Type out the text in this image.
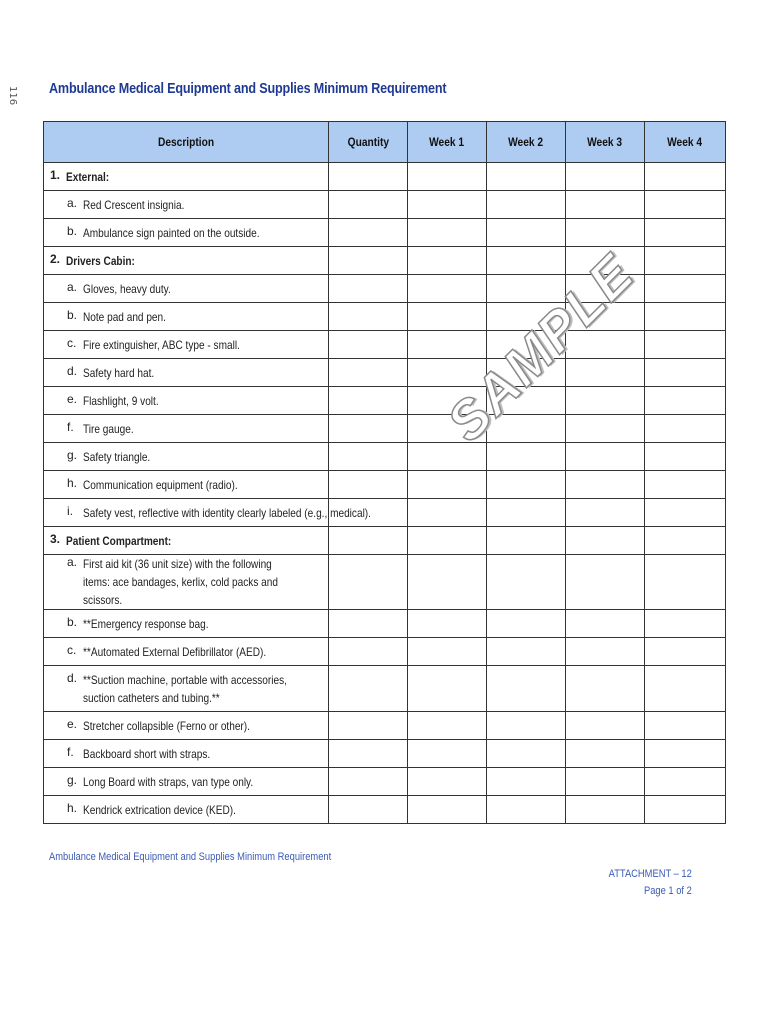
116 Ambulance Medical Equipment and Supplies Minimum Requirement
Description	Quantity	Week 1	Week 2	Week 3	Week 4

1. External:					

a. Red Crescent insignia.					

b. Ambulance sign painted on the outside.					

2. Drivers Cabin:					

a. Gloves, heavy duty.					

b. Note pad and pen.					

c. Fire extinguisher, ABC type - small.					

d. Safety hard hat.					

e. Flashlight, 9 volt.					

f. Tire gauge.					

g. Safety triangle.					

h. Communication equipment (radio).					

i. Safety vest, reflective with identity clearly labeled (e.g., medical).					

3. Patient Compartment:					

a. First aid kit (36 unit size) with the following items: ace bandages, kerlix, cold packs and scissors.					

b. **Emergency response bag.					

c. **Automated External Defibrillator (AED).					

d. **Suction machine, portable with accessories, suction catheters and tubing.**					

e. Stretcher collapsible (Ferno or other).					

f. Backboard short with straps.					

g. Long Board with straps, van type only.					

h. Kendrick extrication device (KED).					

SAMPLE
Ambulance Medical Equipment and Supplies Minimum Requirement
ATTACHMENT – 12
Page 1 of 2
